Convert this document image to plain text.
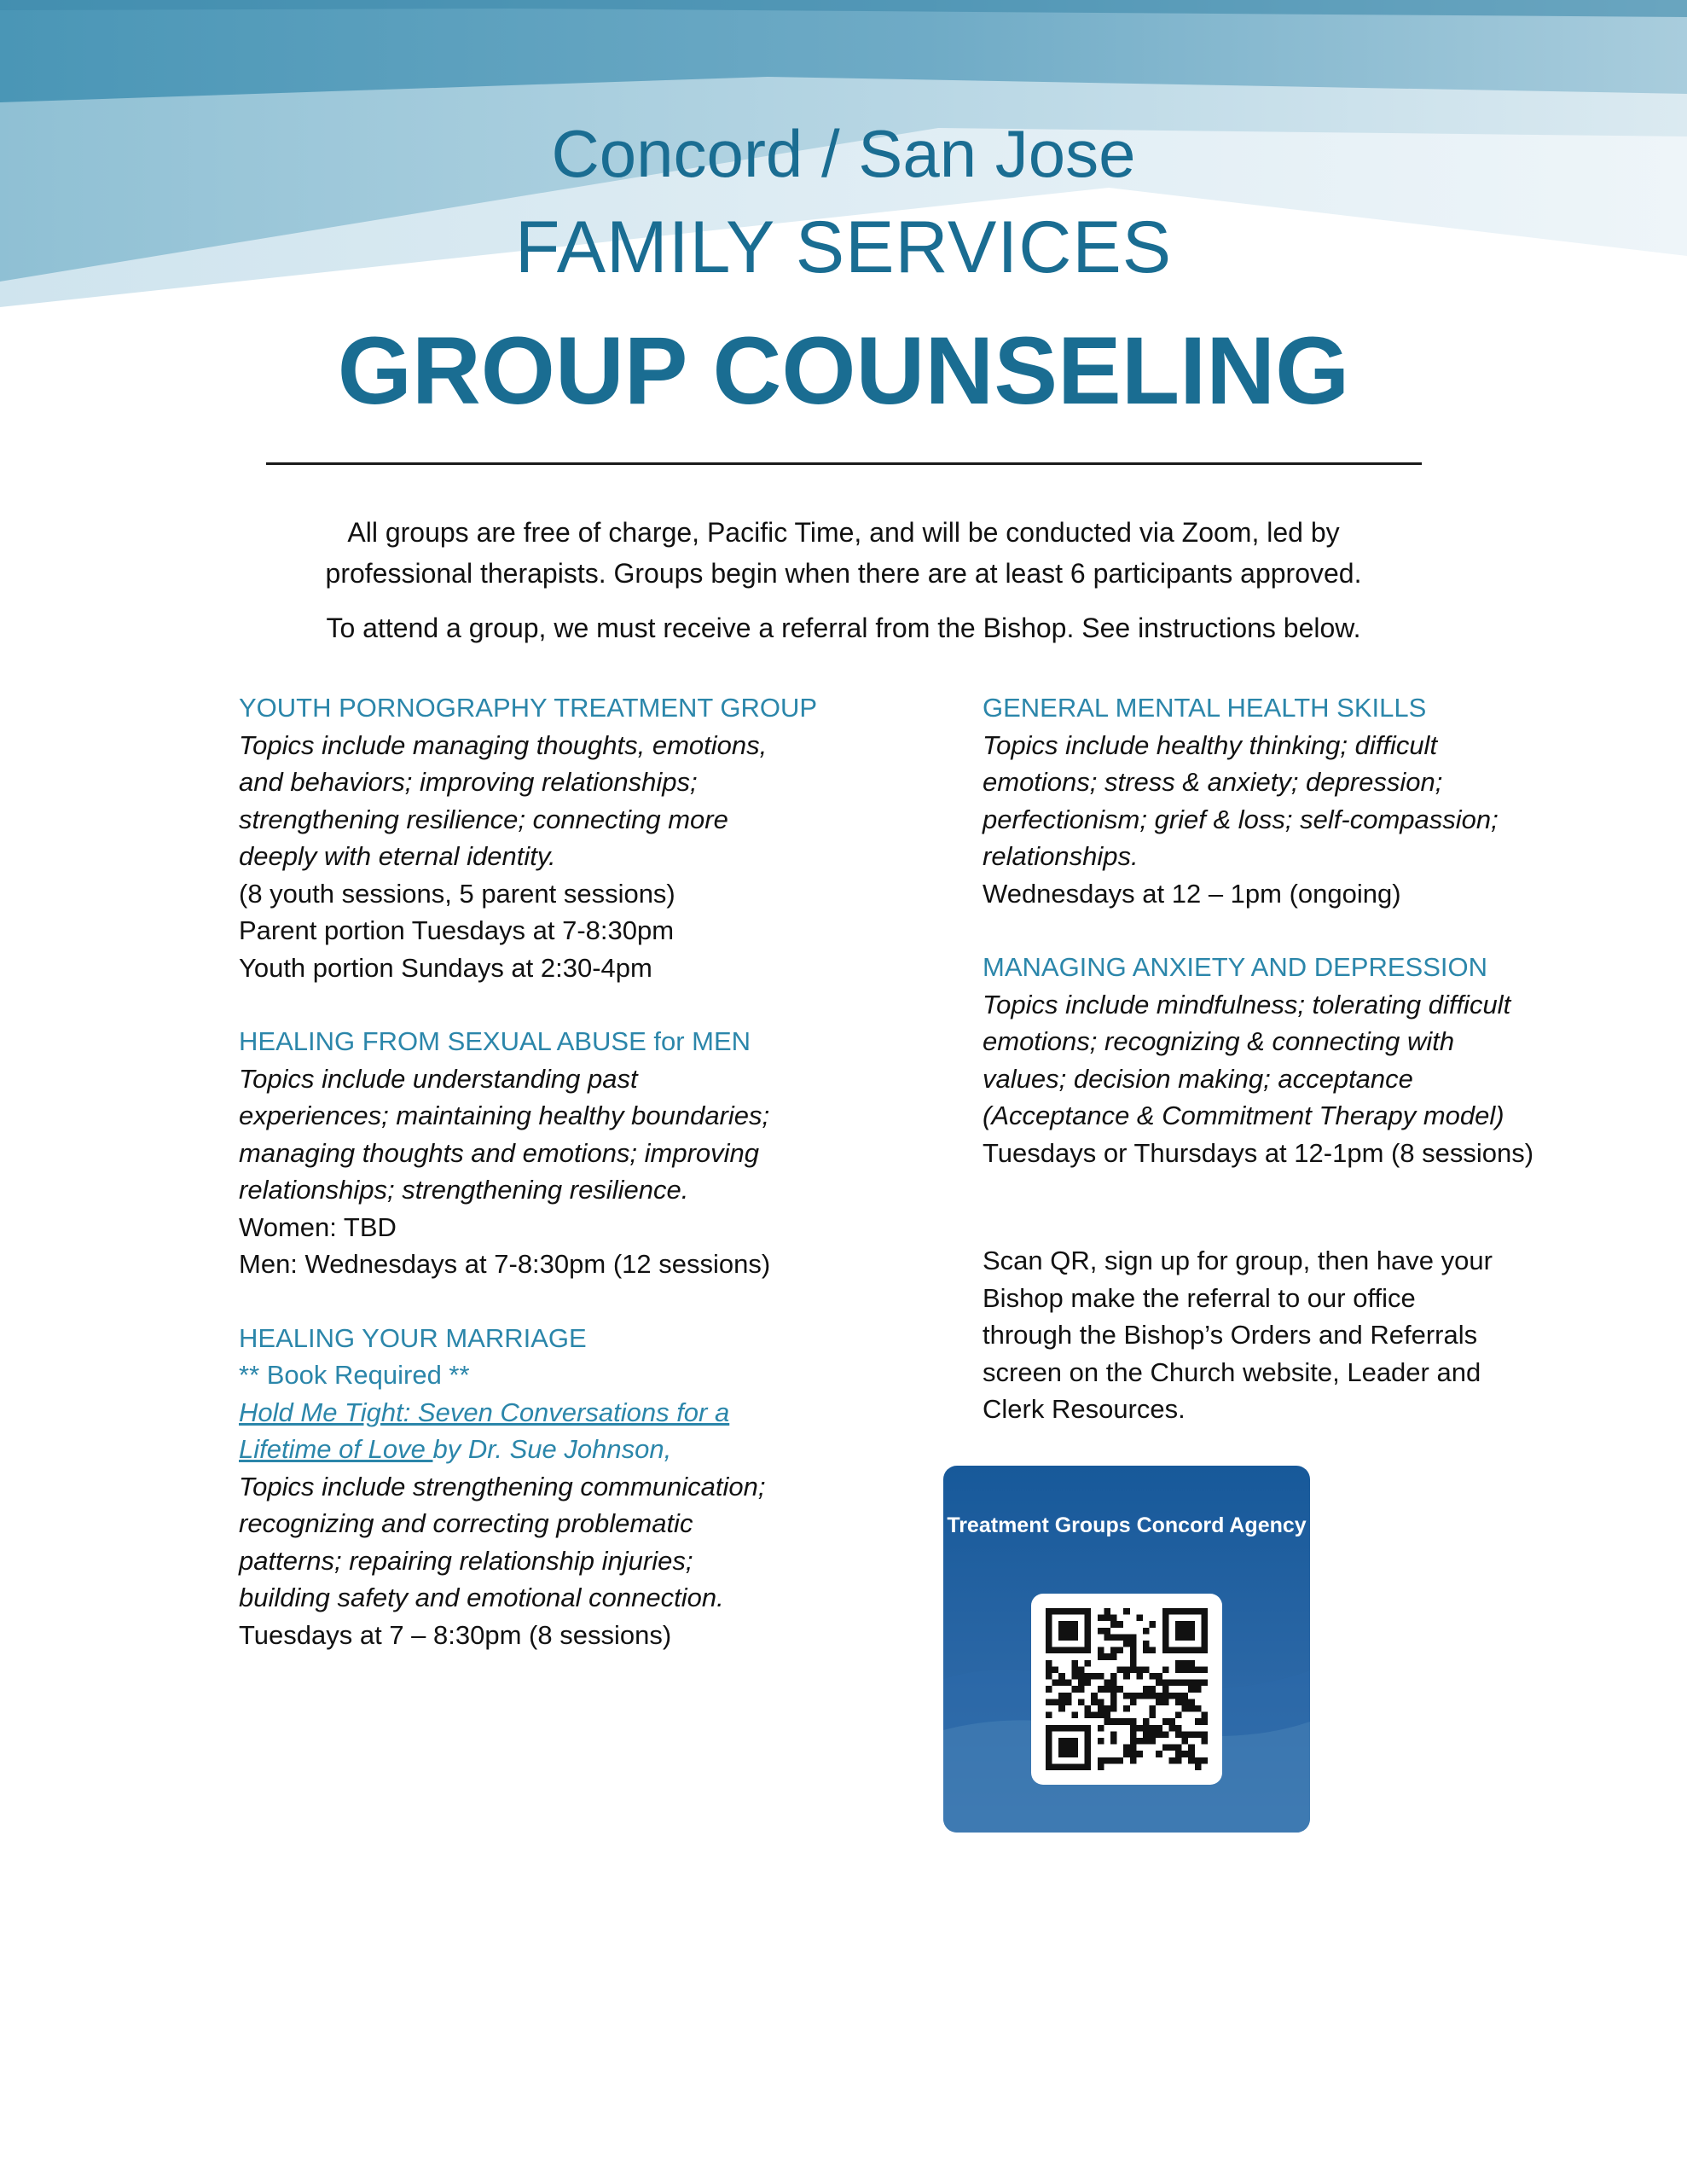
Concord / San Jose
FAMILY SERVICES
GROUP COUNSELING
All groups are free of charge, Pacific Time, and will be conducted via Zoom, led by
professional therapists. Groups begin when there are at least 6 participants approved.
To attend a group, we must receive a referral from the Bishop. See instructions below.

YOUTH PORNOGRAPHY TREATMENT GROUP

Topics include managing thoughts, emotions,

and behaviors; improving relationships;

strengthening resilience; connecting more

deeply with eternal identity.

(8 youth sessions, 5 parent sessions)

Parent portion Tuesdays at 7-8:30pm

Youth portion Sundays at 2:30-4pm

HEALING FROM SEXUAL ABUSE for MEN

Topics include understanding past

experiences; maintaining healthy boundaries;

managing thoughts and emotions; improving

relationships; strengthening resilience.

Women: TBD

Men: Wednesdays at 7-8:30pm (12 sessions)

HEALING YOUR MARRIAGE

** Book Required **

Hold Me Tight: Seven Conversations for a

Lifetime of Love by Dr. Sue Johnson,

Topics include strengthening communication;

recognizing and correcting problematic

patterns; repairing relationship injuries;

building safety and emotional connection.

Tuesdays at 7 – 8:30pm (8 sessions)

GENERAL MENTAL HEALTH SKILLS

Topics include healthy thinking; difficult

emotions; stress & anxiety; depression;

perfectionism; grief & loss; self-compassion;

relationships.

Wednesdays at 12 – 1pm (ongoing)

MANAGING ANXIETY AND DEPRESSION

Topics include mindfulness; tolerating difficult

emotions; recognizing & connecting with

values; decision making; acceptance

(Acceptance & Commitment Therapy model)

Tuesdays or Thursdays at 12-1pm (8 sessions)

Scan QR, sign up for group, then have your

Bishop make the referral to our office

through the Bishop’s Orders and Referrals

screen on the Church website, Leader and

Clerk Resources.

Treatment Groups Concord Agency
